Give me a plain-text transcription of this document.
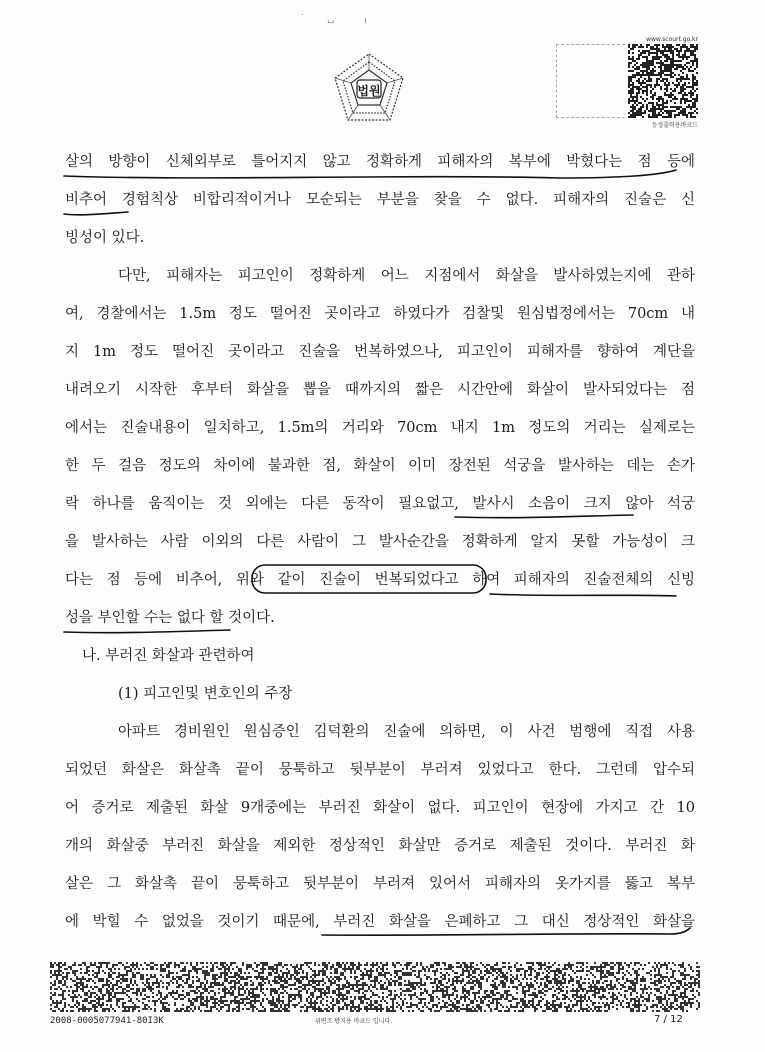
˙        ␣          ╷
법원
www.scourt.go.kr
등정출력용바코드
살의 방향이 신체외부로 틀어지지 않고 정확하게 피해자의 복부에 박혔다는 점 등에
비추어 경험칙상 비합리적이거나 모순되는 부분을 찾을 수 없다. 피해자의 진술은 신
빙성이 있다.
다만, 피해자는 피고인이 정확하게 어느 지점에서 화살을 발사하였는지에 관하
여, 경찰에서는 1.5m 정도 떨어진 곳이라고 하였다가 검찰및 원심법정에서는 70cm 내
지 1m 정도 떨어진 곳이라고 진술을 번복하였으나, 피고인이 피해자를 향하여 계단을
내려오기 시작한 후부터 화살을 뽑을 때까지의 짧은 시간안에 화살이 발사되었다는 점
에서는 진술내용이 일치하고, 1.5m의 거리와 70cm 내지 1m 정도의 거리는 실제로는
한 두 걸음 정도의 차이에 불과한 점, 화살이 이미 장전된 석궁을 발사하는 데는 손가
락 하나를 움직이는 것 외에는 다른 동작이 필요없고, 발사시 소음이 크지 않아 석궁
을 발사하는 사람 이외의 다른 사람이 그 발사순간을 정확하게 알지 못할 가능성이 크
다는 점 등에 비추어, 위와 같이 진술이 번복되었다고 하여 피해자의 진술전체의 신빙
성을 부인할 수는 없다 할 것이다.
나. 부러진 화살과 관련하여
(1) 피고인및 변호인의 주장
아파트 경비원인 원심증인 김덕환의 진술에 의하면, 이 사건 범행에 직접 사용
되었던 화살은 화살촉 끝이 뭉툭하고 뒷부분이 부러져 있었다고 한다. 그런데 압수되
어 증거로 제출된 화살 9개중에는 부러진 화살이 없다. 피고인이 현장에 가지고 간 10
개의 화살중 부러진 화살을 제외한 정상적인 화살만 증거로 제출된 것이다. 부러진 화
살은 그 화살촉 끝이 뭉툭하고 뒷부분이 부러져 있어서 피해자의 옷가지를 뚫고 복부
에 박힐 수 없었을 것이기 때문에, 부러진 화살을 은폐하고 그 대신 정상적인 화살을
2008-0005077941-80I3K	위변조 방지용 바코드 입니다.	7 / 12
